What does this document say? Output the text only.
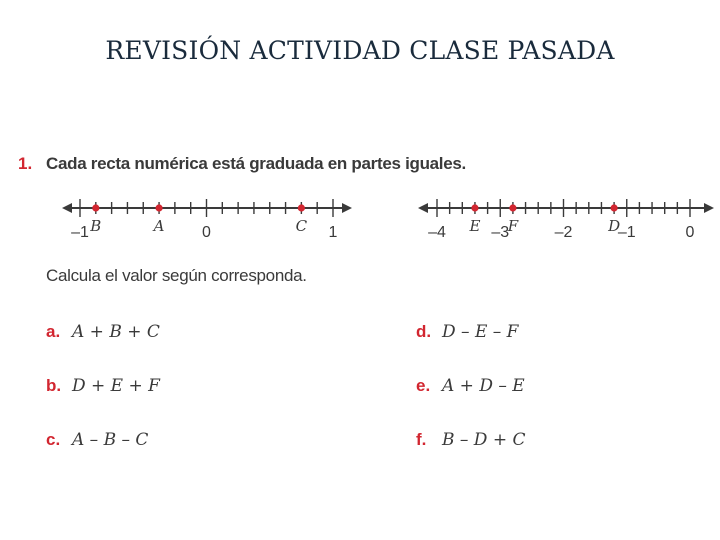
REVISIÓN ACTIVIDAD CLASE PASADA
1. Cada recta numérica está graduada en partes iguales.
–1	0	1
B	A	C	–4	–3	–2	–1	0
E F	D
Calcula el valor según corresponda.
a. A + B + C
b. D + E + F
c. A – B – C
d. D – E – F
e. A + D – E
f. B – D + C
